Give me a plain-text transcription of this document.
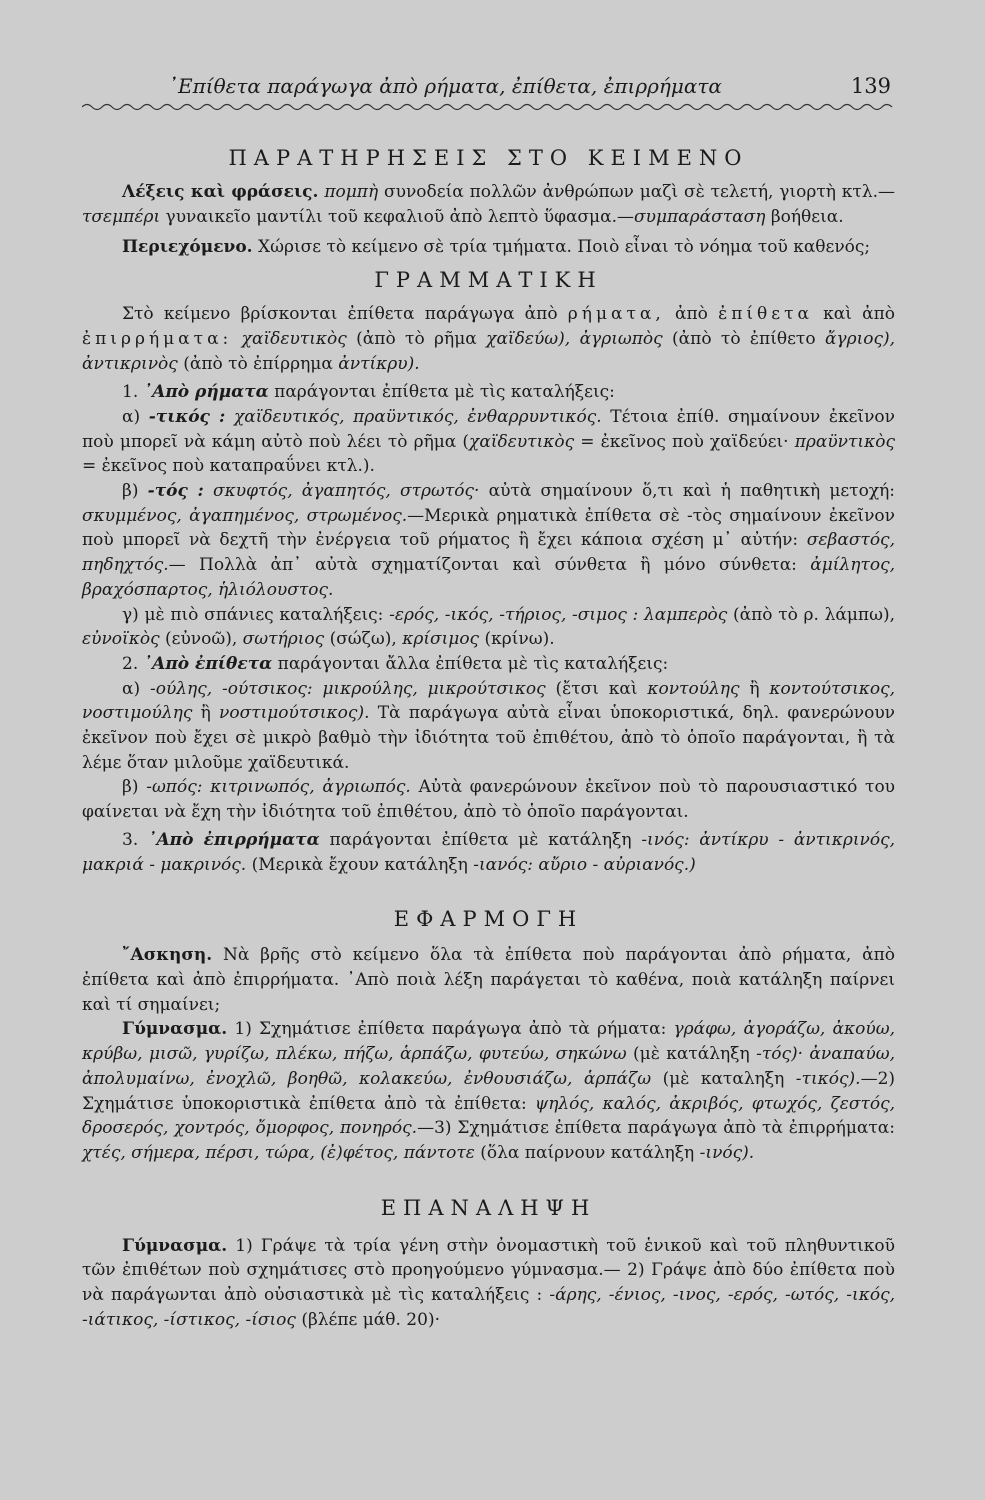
᾽Επίθετα παράγωγα ἀπὸ ρήματα, ἐπίθετα, ἐπιρρήματα	139
ΠΑΡΑΤΗΡΗΣΕΙΣ ΣΤΟ ΚΕΙΜΕΝΟ

Λέξεις καὶ φράσεις. πομπὴ συνοδεία πολλῶν ἀνθρώπων μαζὶ σὲ τελετή, γιορτὴ κτλ.—τσεμπέρι γυναικεῖο μαντίλι τοῦ κεφαλιοῦ ἀπὸ λεπτὸ ὕφασμα.—συμπαράσταση βοήθεια.

Περιεχόμενο. Χώρισε τὸ κείμενο σὲ τρία τμήματα. Ποιὸ εἶναι τὸ νόημα τοῦ καθενός;

ΓΡΑΜΜΑΤΙΚΗ

Στὸ κείμενο βρίσκονται ἐπίθετα παράγωγα ἀπὸ ρήματα, ἀπὸ ἐπίθετα καὶ ἀπὸ ἐπιρρήματα: χαϊδευτικὸς (ἀπὸ τὸ ρῆμα χαϊδεύω), ἀγριωπὸς (ἀπὸ τὸ ἐπίθετο ἄγριος), ἀντικρινὸς (ἀπὸ τὸ ἐπίρρημα ἀντίκρυ).

1. ᾽Απὸ ρήματα παράγονται ἐπίθετα μὲ τὶς καταλήξεις:

α) -τικός : χαϊδευτικός, πραϋντικός, ἐνθαρρυντικός. Τέτοια ἐπίθ. σημαίνουν ἐκεῖνον ποὺ μπορεῖ νὰ κάμη αὐτὸ ποὺ λέει τὸ ρῆμα (χαϊδευτικὸς = ἐκεῖνος ποὺ χαϊδεύει· πραϋντικὸς = ἐκεῖνος ποὺ καταπραΰνει κτλ.).

β) -τός : σκυφτός, ἀγαπητός, στρωτός· αὐτὰ σημαίνουν ὅ,τι καὶ ἡ παθητικὴ μετοχή: σκυμμένος, ἀγαπημένος, στρωμένος.—Μερικὰ ρηματικὰ ἐπίθετα σὲ -τὸς σημαίνουν ἐκεῖνον ποὺ μπορεῖ νὰ δεχτῆ τὴν ἐνέργεια τοῦ ρήματος ἢ ἔχει κάποια σχέση μ᾽ αὐτήν: σεβαστός, πηδηχτός.— Πολλὰ ἀπ᾽ αὐτὰ σχηματίζονται καὶ σύνθετα ἢ μόνο σύνθετα: ἀμίλητος, βραχόσπαρτος, ἡλιόλουστος.

γ) μὲ πιὸ σπάνιες καταλήξεις: -ερός, -ικός, -τήριος, -σιμος : λαμπερὸς (ἀπὸ τὸ ρ. λάμπω), εὐνοϊκὸς (εὐνοῶ), σωτήριος (σώζω), κρίσιμος (κρίνω).

2. ᾽Απὸ ἐπίθετα παράγονται ἄλλα ἐπίθετα μὲ τὶς καταλήξεις:

α) -ούλης, -ούτσικος: μικρούλης, μικρούτσικος (ἔτσι καὶ κοντούλης ἢ κοντούτσικος, νοστιμούλης ἢ νοστιμούτσικος). Τὰ παράγωγα αὐτὰ εἶναι ὑποκοριστικά, δηλ. φανερώνουν ἐκεῖνον ποὺ ἔχει σὲ μικρὸ βαθμὸ τὴν ἰδιότητα τοῦ ἐπιθέτου, ἀπὸ τὸ ὁποῖο παράγονται, ἢ τὰ λέμε ὅταν μιλοῦμε χαϊδευτικά.

β) -ωπός: κιτρινωπός, ἀγριωπός. Αὐτὰ φανερώνουν ἐκεῖνον ποὺ τὸ παρουσιαστικό του φαίνεται νὰ ἔχη τὴν ἰδιότητα τοῦ ἐπιθέτου, ἀπὸ τὸ ὁποῖο παράγονται.

3. ᾽Απὸ ἐπιρρήματα παράγονται ἐπίθετα μὲ κατάληξη -ινός: ἀντίκρυ - ἀντικρινός, μακριά - μακρινός. (Μερικὰ ἔχουν κατάληξη -ιανός: αὔριο - αὐριανός.)

ΕΦΑΡΜΟΓΗ

῎Ασκηση. Νὰ βρῆς στὸ κείμενο ὅλα τὰ ἐπίθετα ποὺ παράγονται ἀπὸ ρήματα, ἀπὸ ἐπίθετα καὶ ἀπὸ ἐπιρρήματα. ᾽Απὸ ποιὰ λέξη παράγεται τὸ καθένα, ποιὰ κατάληξη παίρνει καὶ τί σημαίνει;

Γύμνασμα. 1) Σχημάτισε ἐπίθετα παράγωγα ἀπὸ τὰ ρήματα: γράφω, ἀγοράζω, ἀκούω, κρύβω, μισῶ, γυρίζω, πλέκω, πήζω, ἁρπάζω, φυτεύω, σηκώνω (μὲ κατάληξη -τός)· ἀναπαύω, ἀπολυμαίνω, ἐνοχλῶ, βοηθῶ, κολακεύω, ἐνθουσιάζω, ἁρπάζω (μὲ καταληξη -τικός).—2) Σχημάτισε ὑποκοριστικὰ ἐπίθετα ἀπὸ τὰ ἐπίθετα: ψηλός, καλός, ἀκριβός, φτωχός, ζεστός, δροσερός, χοντρός, ὄμορφος, πονηρός.—3) Σχημάτισε ἐπίθετα παράγωγα ἀπὸ τὰ ἐπιρρήματα: χτές, σήμερα, πέρσι, τώρα, (ἐ)φέτος, πάντοτε (ὅλα παίρνουν κατάληξη -ινός).

ΕΠΑΝΑΛΗΨΗ

Γύμνασμα. 1) Γράψε τὰ τρία γένη στὴν ὀνομαστικὴ τοῦ ἑνικοῦ καὶ τοῦ πληθυντικοῦ τῶν ἐπιθέτων ποὺ σχημάτισες στὸ προηγούμενο γύμνασμα.— 2) Γράψε ἀπὸ δύο ἐπίθετα ποὺ νὰ παράγωνται ἀπὸ οὐσιαστικὰ μὲ τὶς καταλήξεις : -άρης, -ένιος, -ινος, -ερός, -ωτός, -ικός, -ιάτικος, -ίστικος, -ίσιος (βλέπε μάθ. 20)·
